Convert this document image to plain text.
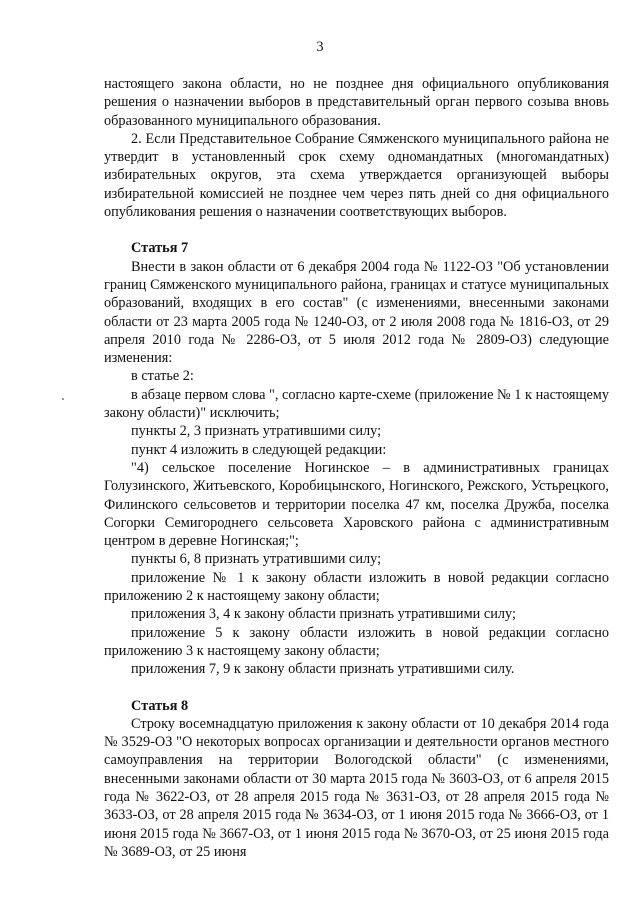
3

настоящего закона области, но не позднее дня официального опубликования решения о назначении выборов в представительный орган первого созыва вновь образованного муниципального образования.

2. Если Представительное Собрание Сямженского муниципального района не утвердит в установленный срок схему одномандатных (многомандатных) избирательных округов, эта схема утверждается организующей выборы избирательной комиссией не позднее чем через пять дней со дня официального опубликования решения о назначении соответствующих выборов.

Статья 7

Внести в закон области от 6 декабря 2004 года № 1122-ОЗ "Об установлении границ Сямженского муниципального района, границах и статусе муниципальных образований, входящих в его состав" (с изменениями, внесенными законами области от 23 марта 2005 года № 1240-ОЗ, от 2 июля 2008 года № 1816-ОЗ, от 29 апреля 2010 года № 2286-ОЗ, от 5 июля 2012 года № 2809-ОЗ) следующие изменения:

в статье 2:

в абзаце первом слова ", согласно карте-схеме (приложение № 1 к настоящему закону области)" исключить;

пункты 2, 3 признать утратившими силу;

пункт 4 изложить в следующей редакции:

"4) сельское поселение Ногинское – в административных границах Голузинского, Житьевского, Коробицынского, Ногинского, Режского, Устьрецкого, Филинского сельсоветов и территории поселка 47 км, поселка Дружба, поселка Согорки Семигороднего сельсовета Харовского района с административным центром в деревне Ногинская;";

пункты 6, 8 признать утратившими силу;

приложение № 1 к закону области изложить в новой редакции согласно приложению 2 к настоящему закону области;

приложения 3, 4 к закону области признать утратившими силу;

приложение 5 к закону области изложить в новой редакции согласно приложению 3 к настоящему закону области;

приложения 7, 9 к закону области признать утратившими силу.

Статья 8

Строку восемнадцатую приложения к закону области от 10 декабря 2014 года № 3529-ОЗ "О некоторых вопросах организации и деятельности органов местного самоуправления на территории Вологодской области" (с изменениями, внесенными законами области от 30 марта 2015 года № 3603-ОЗ, от 6 апреля 2015 года № 3622-ОЗ, от 28 апреля 2015 года № 3631-ОЗ, от 28 апреля 2015 года № 3633-ОЗ, от 28 апреля 2015 года № 3634-ОЗ, от 1 июня 2015 года № 3666-ОЗ, от 1 июня 2015 года № 3667-ОЗ, от 1 июня 2015 года № 3670-ОЗ, от 25 июня 2015 года № 3689-ОЗ, от 25 июня
